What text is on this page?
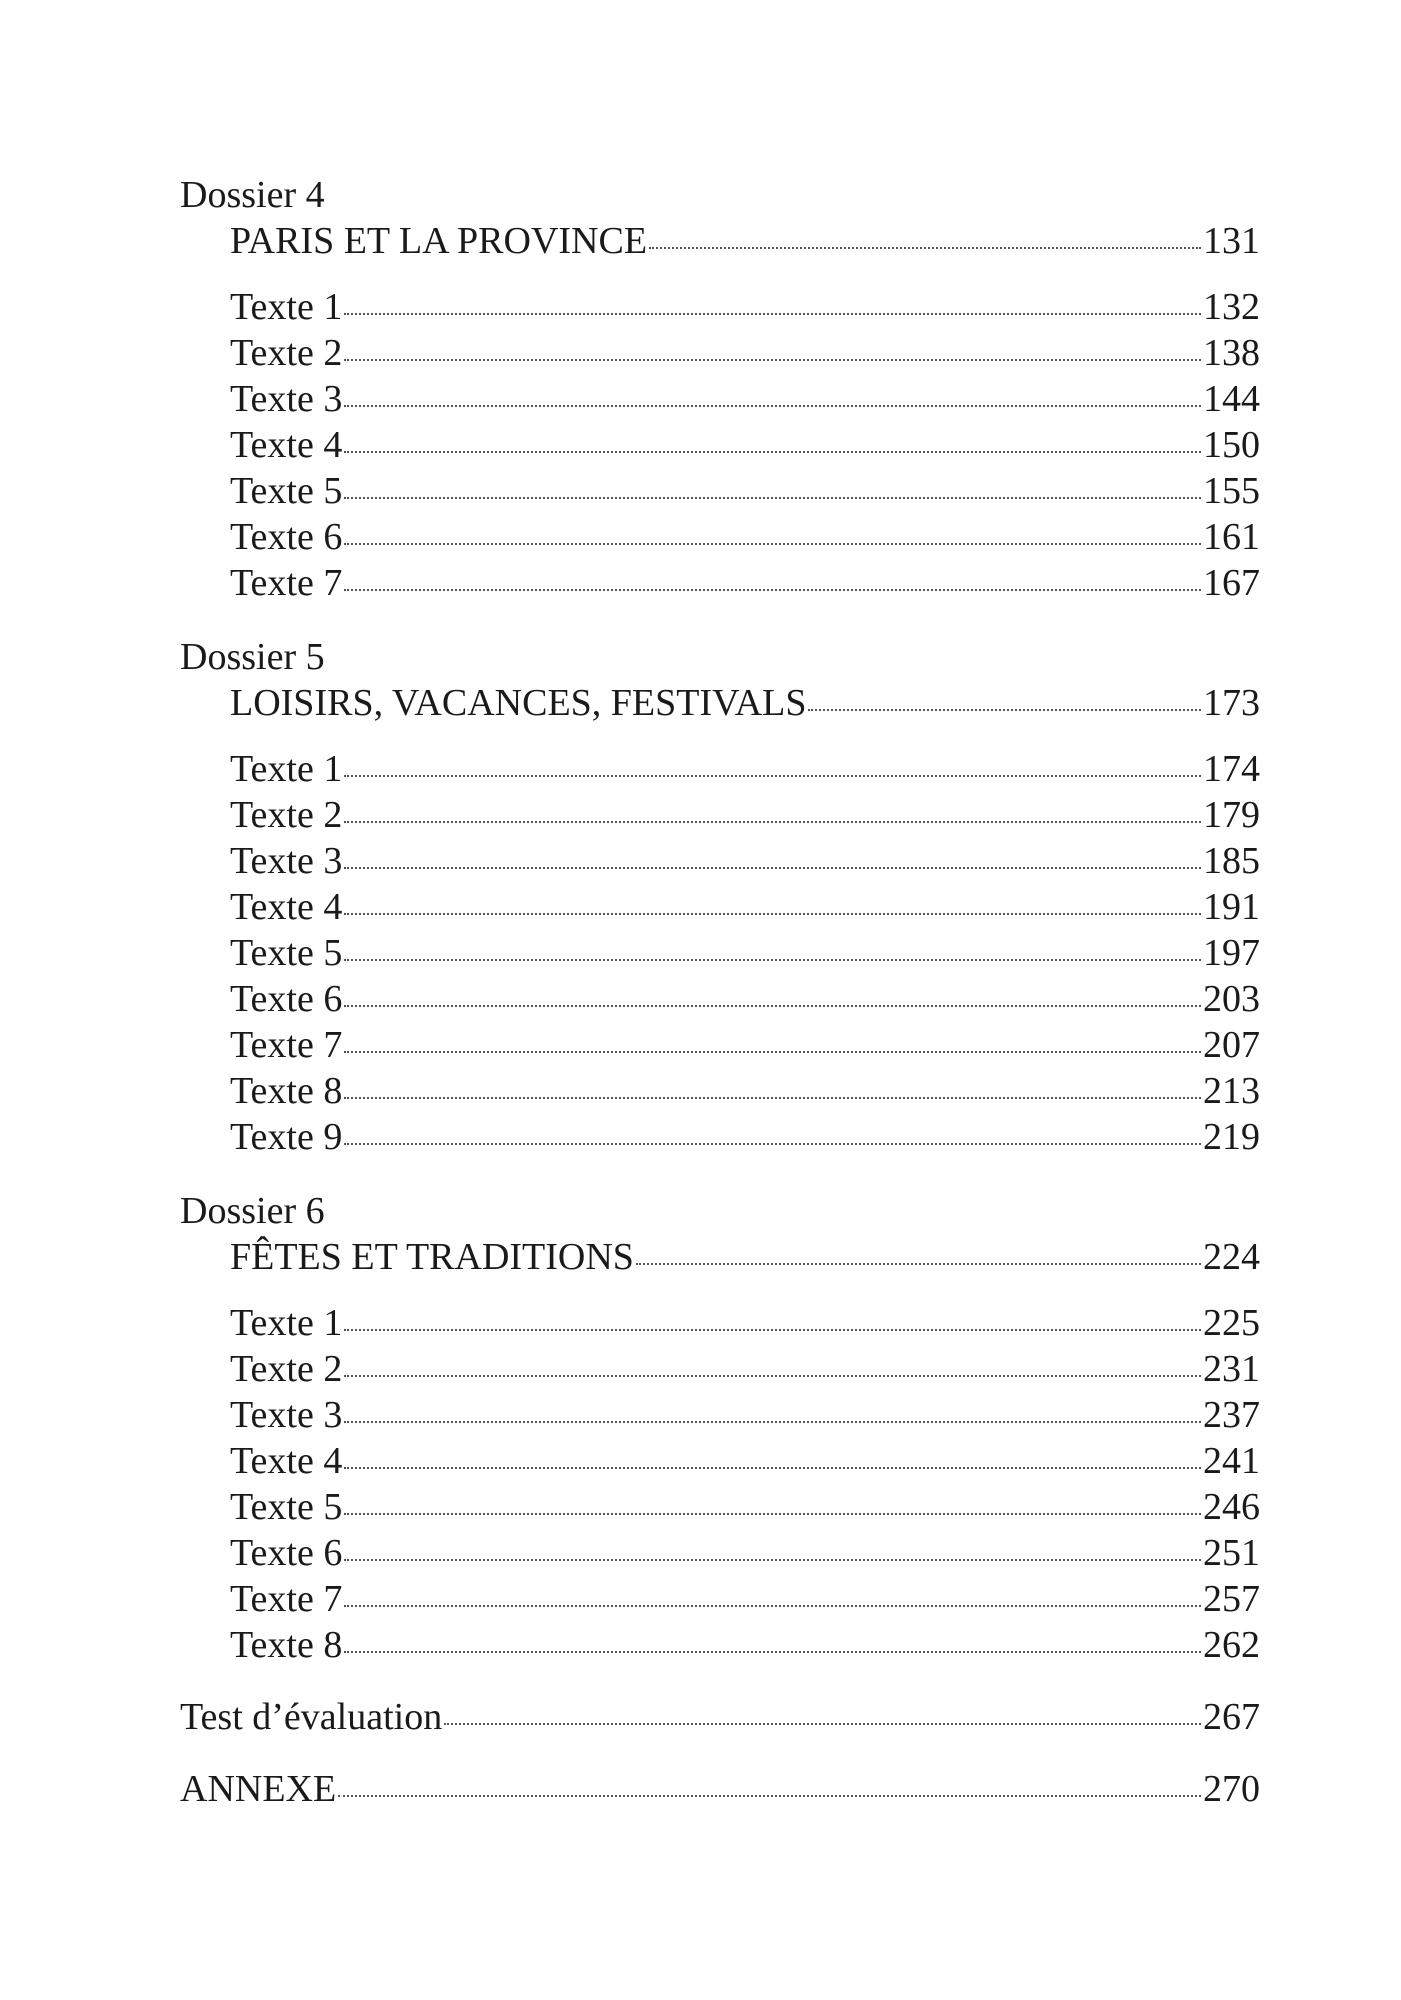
Dossier 4
PARIS ET LA PROVINCE	131
Texte 1	132
Texte 2	138
Texte 3	144
Texte 4	150
Texte 5	155
Texte 6	161
Texte 7	167
Dossier 5
LOISIRS, VACANCES, FESTIVALS	173
Texte 1	174
Texte 2	179
Texte 3	185
Texte 4	191
Texte 5	197
Texte 6	203
Texte 7	207
Texte 8	213
Texte 9	219
Dossier 6
FÊTES ET TRADITIONS	224
Texte 1	225
Texte 2	231
Texte 3	237
Texte 4	241
Texte 5	246
Texte 6	251
Texte 7	257
Texte 8	262
Test d’évaluation	267
ANNEXE	270
